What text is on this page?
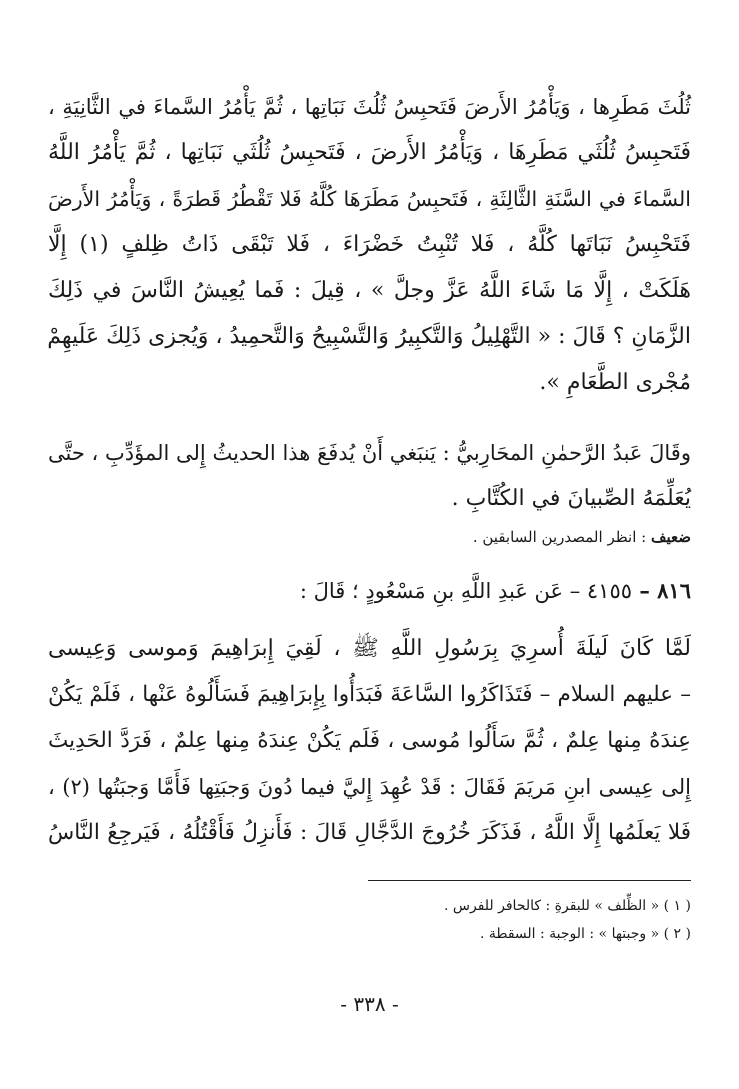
ثُلُثَ مَطَرِها ، وَيَأْمُرُ الأَرضَ فَتَحبِسُ ثُلُثَ نَبَاتِها ، ثُمَّ يَأْمُرُ السَّماءَ في الثَّانِيَةِ ،
فَتَحبِسُ ثُلُثَي مَطَرِهَا ، وَيَأْمُرُ الأَرضَ ، فَتَحبِسُ ثُلُثَي نَبَاتِها ، ثُمَّ يَأْمُرُ اللَّهُ
السَّماءَ في السَّنَةِ الثَّالِثَةِ ، فَتَحبِسُ مَطَرَهَا كُلَّهُ فَلا تَقْطُرُ قَطرَةً ، وَيَأْمُرُ الأَرضَ
فَتَحْبِسُ نَبَاتَها كُلَّهُ ، فَلا تُنْبِتُ خَضْرَاءَ ، فَلا تَبْقَى ذَاتُ ظِلفٍ (١) إِلَّا
هَلَكَتْ ، إِلَّا مَا شَاءَ اللَّهُ عَزَّ وجلَّ » ، قِيلَ : فَما يُعِيشُ النَّاسَ في ذَلِكَ
الزَّمَانِ ؟ قَالَ : « التَّهْلِيلُ وَالتَّكبِيرُ وَالتَّسْبِيحُ وَالتَّحمِيدُ ، وَيُجزى ذَلِكَ عَلَيهِمْ
مُجْرى الطَّعَامِ ».
وقَالَ عَبدُ الرَّحمٰنِ المحَارِبيُّ : يَنبَغي أَنْ يُدفَعَ هذا الحديثُ إِلى المؤَدِّبِ ، حتَّى
يُعَلِّمَهُ الصِّبيانَ في الكُتَّابِ .
ضعيف : انظر المصدرين السابقين .
٨١٦ – ٤١٥٥ – عَن عَبدِ اللَّهِ بنِ مَسْعُودٍ ؛ قَالَ :
لَمَّا كَانَ لَيلَةَ أُسرِيَ بِرَسُولِ اللَّهِ ﷺ ، لَقِيَ إِبرَاهِيمَ وَموسى وَعِيسى
– عليهم السلام – فَتَذَاكَرُوا السَّاعَةَ فَبَدَأُوا بِإِبرَاهِيمَ فَسَأَلُوهُ عَنْها ، فَلَمْ يَكُنْ
عِندَهُ مِنها عِلمٌ ، ثُمَّ سَأَلُوا مُوسى ، فَلَم يَكُنْ عِندَهُ مِنها عِلمٌ ، فَرَدَّ الحَدِيثَ
إِلى عِيسى ابنِ مَريَمَ فَقَالَ : قَدْ عُهِدَ إِليَّ فيما دُونَ وَجبَتِها فَأَمَّا وَجبَتُها (٢) ،
فَلا يَعلَمُها إِلَّا اللَّهُ ، فَذَكَرَ خُرُوجَ الدَّجَّالِ قَالَ : فَأَنزِلُ فَأَقْتُلُهُ ، فَيَرجِعُ النَّاسُ
( ١ ) « الظِّلف » للبقرةِ : كالحافر للفرس .
( ٢ ) « وجبتها » : الوجبة : السقطة .
- ٣٣٨ -
